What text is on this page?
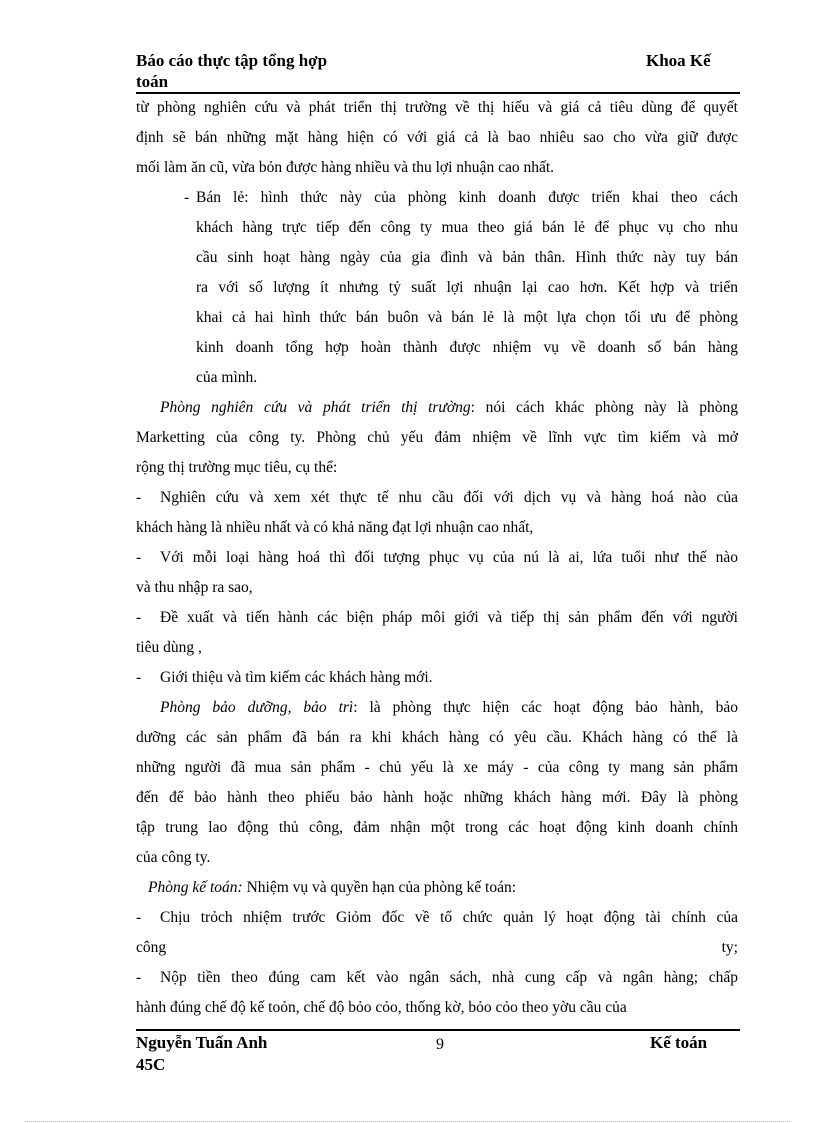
Báo cáo thực tập tổng hợp
toán
Khoa Kế
từ phòng nghiên cứu và phát triển thị trường về thị hiếu và giá cả tiêu dùng để quyết
định sẽ bán những mặt hàng hiện có với giá cả là bao nhiêu sao cho vừa giữ được
mối làm ăn cũ, vừa bỏn được hàng nhiều và thu lợi nhuận cao nhất.
- Bán lẻ: hình thức này của phòng kinh doanh được triển khai theo cách
khách hàng trực tiếp đến công ty mua theo giá bán lẻ để phục vụ cho nhu
cầu sinh hoạt hàng ngày của gia đình và bản thân. Hình thức này tuy bán
ra với số lượng ít nhưng tỷ suất lợi nhuận lại cao hơn. Kết hợp và triển
khai cả hai hình thức bán buôn và bán lẻ là một lựa chọn tối ưu để phòng
kinh doanh tổng hợp hoàn thành được nhiệm vụ về doanh số bán hàng
của mình.
Phòng nghiên cứu và phát triển thị trường: nói cách khác phòng này là phòng
Marketting của công ty. Phòng chủ yếu đảm nhiệm về lĩnh vực tìm kiếm và mở
rộng thị trường mục tiêu, cụ thể:
- Nghiên cứu và xem xét thực tế nhu cầu đối với dịch vụ và hàng hoá nào của
khách hàng là nhiều nhất và có khả năng đạt lợi nhuận cao nhất,
- Với mỗi loại hàng hoá thì đối tượng phục vụ của nú là ai, lứa tuổi như thế nào
và thu nhập ra sao,
- Đề xuất và tiến hành các biện pháp môi giới và tiếp thị sản phẩm đến với người
tiêu dùng ,
- Giới thiệu và tìm kiếm các khách hàng mới.
Phòng bảo dưỡng, bảo trì: là phòng thực hiện các hoạt động bảo hành, bảo
dưỡng các sản phẩm đã bán ra khi khách hàng có yêu cầu. Khách hàng có thể là
những người đã mua sản phẩm - chủ yếu là xe máy - của công ty mang sản phẩm
đến để bảo hành theo phiếu bảo hành hoặc những khách hàng mới. Đây là phòng
tập trung lao động thủ công, đảm nhận một trong các hoạt động kinh doanh chính
của công ty.
Phòng kế toán: Nhiệm vụ và quyền hạn của phòng kế toán:
- Chịu trỏch nhiệm trước Giỏm đốc về tổ chức quản lý hoạt động tài chính của
công                                                                                                         ty;
- Nộp tiền theo đúng cam kết vào ngân sách, nhà cung cấp và ngân hàng; chấp
hành đúng chế độ kế toỏn, chế độ bỏo cỏo, thống kờ, bỏo cỏo theo yờu cầu của
Nguyễn Tuấn Anh
45C
9	Kế toán
